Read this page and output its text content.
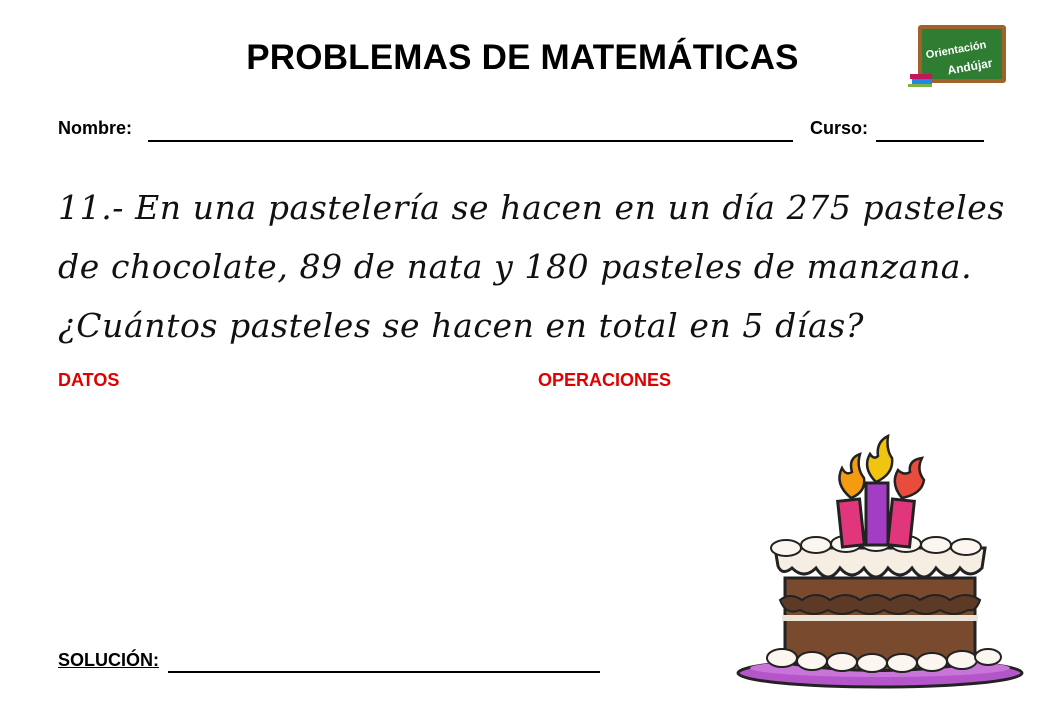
PROBLEMAS DE MATEMÁTICAS	Orientación
Andújar
Nombre:	Curso:
11.- En una pastelería se hacen en un día 275 pasteles de chocolate, 89 de nata y 180 pasteles de manzana. ¿Cuántos pasteles se hacen en total en 5 días?
DATOS	OPERACIONES
SOLUCIÓN:
